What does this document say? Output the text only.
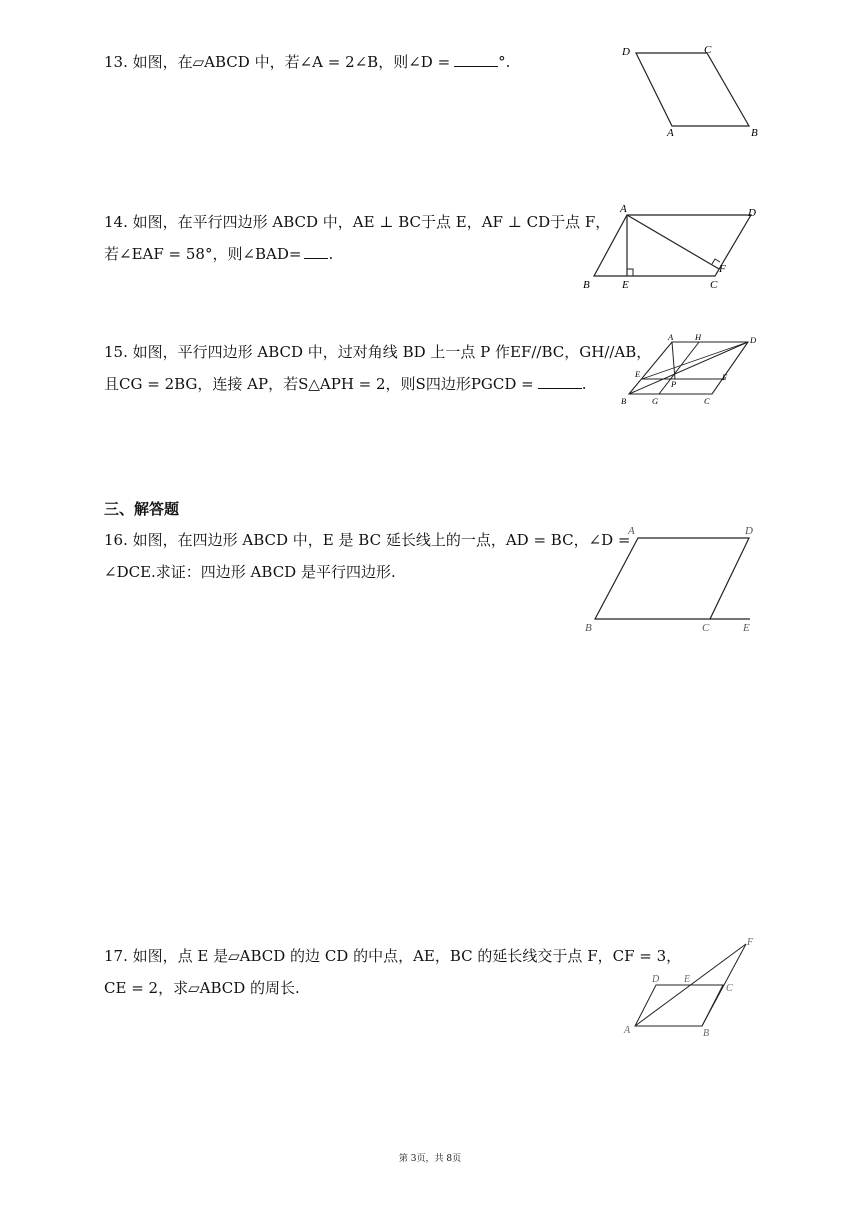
13. 如图，在▱ABCD 中，若∠A = 2∠B，则∠D =	°.
D	C
A	B
14. 如图，在平行四边形 ABCD 中，AE ⊥ BC于点 E，AF ⊥ CD于点 F，
若∠EAF = 58°，则∠BAD= .
A	D
F
B	E	C
15. 如图，平行四边形 ABCD 中，过对角线 BD 上一点 P 作EF//BC，GH//AB，
且CG = 2BG，连接 AP，若S△APH = 2，则S四边形PGCD =	.
A	H	D
E
P
F
B	G	C
三、解答题
16. 如图，在四边形 ABCD 中，E 是 BC 延长线上的一点，AD = BC，∠D =
∠DCE.求证：四边形 ABCD 是平行四边形.
A	D
B	C	E
17. 如图，点 E 是▱ABCD 的边 CD 的中点，AE，BC 的延长线交于点 F，CF = 3，
CE = 2，求▱ABCD 的周长.
F
D E
C
A	B
第 3页，共 8页
